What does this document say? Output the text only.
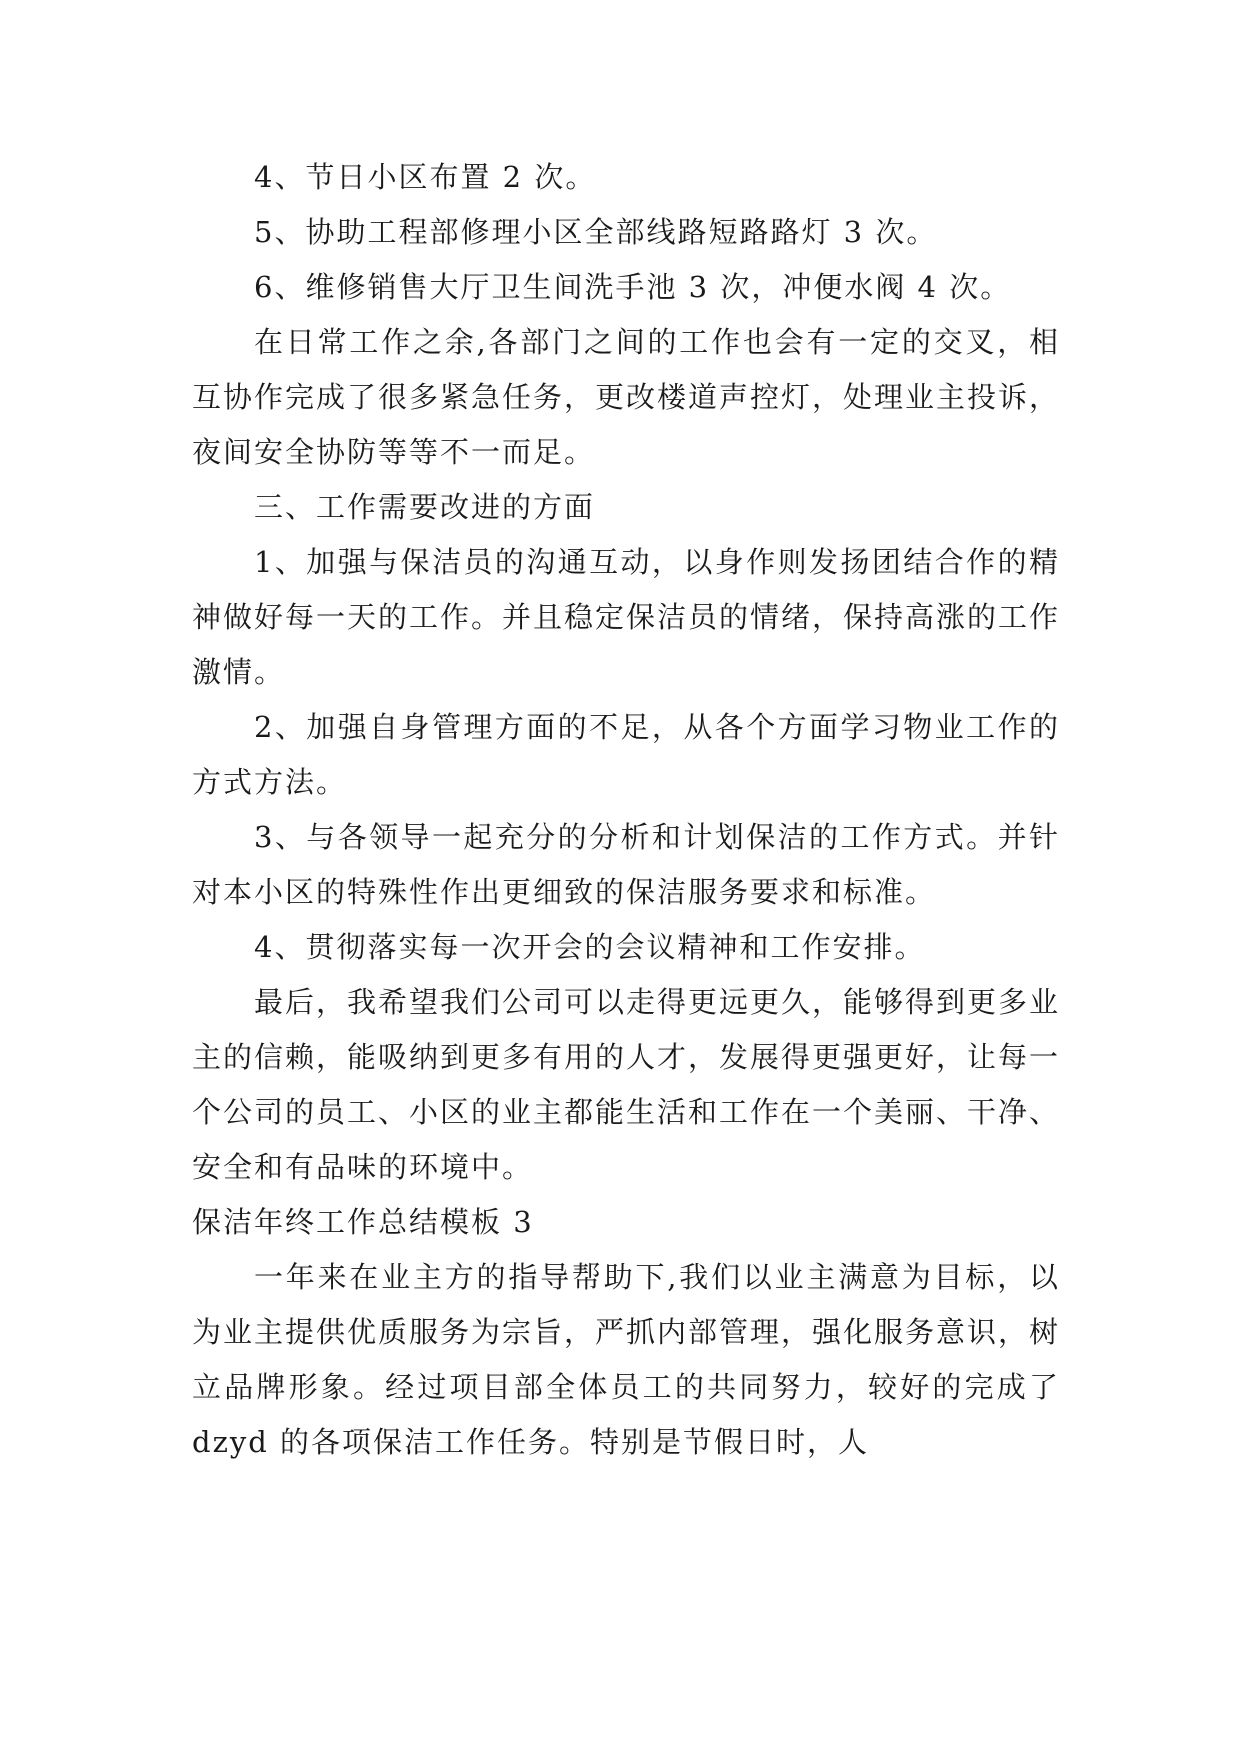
4、节日小区布置 2 次。

5、协助工程部修理小区全部线路短路路灯 3 次。

6、维修销售大厅卫生间洗手池 3 次，冲便水阀 4 次。

在日常工作之余,各部门之间的工作也会有一定的交叉，相互协作完成了很多紧急任务，更改楼道声控灯，处理业主投诉，夜间安全协防等等不一而足。

三、工作需要改进的方面

1、加强与保洁员的沟通互动，以身作则发扬团结合作的精神做好每一天的工作。并且稳定保洁员的情绪，保持高涨的工作激情。

2、加强自身管理方面的不足，从各个方面学习物业工作的方式方法。

3、与各领导一起充分的分析和计划保洁的工作方式。并针对本小区的特殊性作出更细致的保洁服务要求和标准。

4、贯彻落实每一次开会的会议精神和工作安排。

最后，我希望我们公司可以走得更远更久，能够得到更多业主的信赖，能吸纳到更多有用的人才，发展得更强更好，让每一个公司的员工、小区的业主都能生活和工作在一个美丽、干净、安全和有品味的环境中。

保洁年终工作总结模板 3

一年来在业主方的指导帮助下,我们以业主满意为目标，以为业主提供优质服务为宗旨，严抓内部管理，强化服务意识，树立品牌形象。经过项目部全体员工的共同努力，较好的完成了 dzyd 的各项保洁工作任务。特别是节假日时，人
